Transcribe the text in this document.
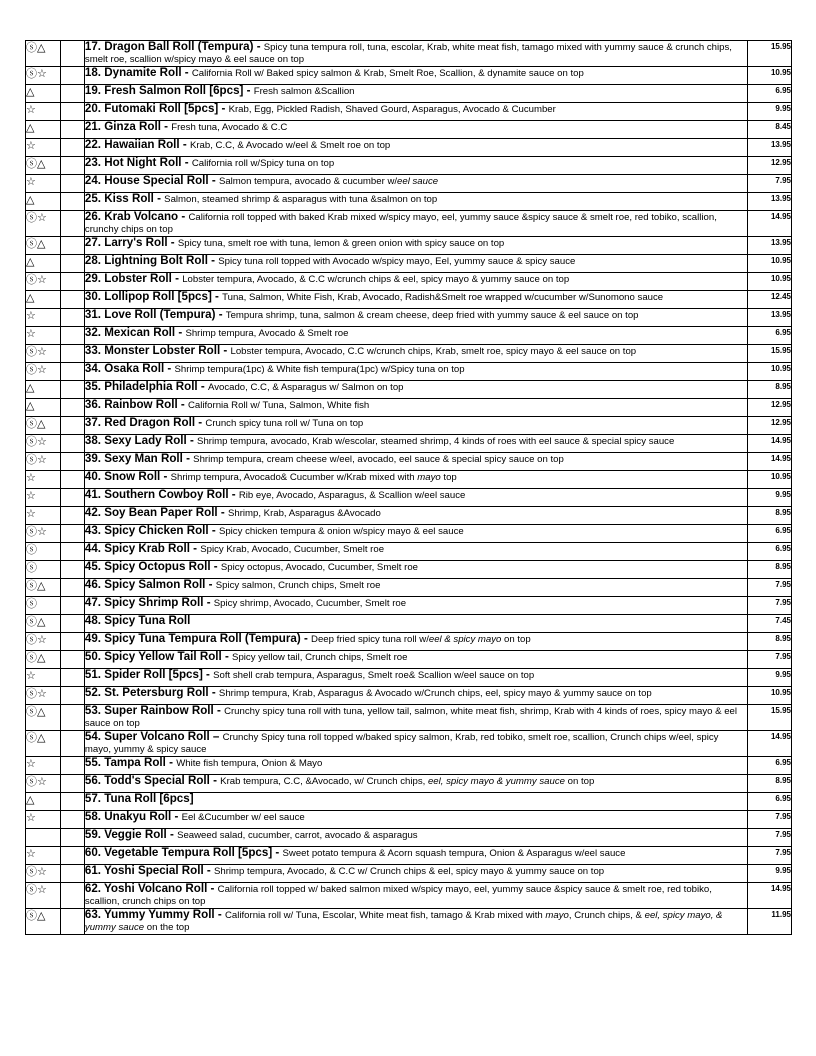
ⓢ△		17. Dragon Ball Roll (Tempura) - Spicy tuna tempura roll, tuna, escolar, Krab, white meat fish, tamago mixed with yummy sauce & crunch chips, smelt roe, scallion w/spicy mayo & eel sauce on top	15.95
ⓢ☆		18. Dynamite Roll - California Roll w/ Baked spicy salmon & Krab, Smelt Roe, Scallion, & dynamite sauce on top	10.95
△		19. Fresh Salmon Roll [6pcs] - Fresh salmon &Scallion	6.95
☆		20. Futomaki Roll [5pcs] - Krab, Egg, Pickled Radish, Shaved Gourd, Asparagus, Avocado & Cucumber	9.95
△		21. Ginza Roll - Fresh tuna, Avocado & C.C	8.45
☆		22. Hawaiian Roll - Krab, C.C, & Avocado w/eel & Smelt roe on top	13.95
ⓢ△		23. Hot Night Roll - California roll w/Spicy tuna on top	12.95
☆		24. House Special Roll - Salmon tempura, avocado & cucumber w/eel sauce	7.95
△		25. Kiss Roll - Salmon, steamed shrimp & asparagus with tuna &salmon on top	13.95
ⓢ☆		26. Krab Volcano - California roll topped with baked Krab mixed w/spicy mayo, eel, yummy sauce &spicy sauce & smelt roe, red tobiko, scallion, crunchy chips on top	14.95
ⓢ△		27. Larry's Roll - Spicy tuna, smelt roe with tuna, lemon & green onion with spicy sauce on top	13.95
△		28. Lightning Bolt Roll - Spicy tuna roll topped with Avocado w/spicy mayo, Eel, yummy sauce & spicy sauce	10.95
ⓢ☆		29. Lobster Roll - Lobster tempura, Avocado, & C.C w/crunch chips & eel, spicy mayo & yummy sauce on top	10.95
△		30. Lollipop Roll [5pcs] - Tuna, Salmon, White Fish, Krab, Avocado, Radish&Smelt roe wrapped w/cucumber w/Sunomono sauce	12.45
☆		31. Love Roll (Tempura) - Tempura shrimp, tuna, salmon & cream cheese, deep fried with yummy sauce & eel sauce on top	13.95
☆		32. Mexican Roll - Shrimp tempura, Avocado & Smelt roe	6.95
ⓢ☆		33. Monster Lobster Roll - Lobster tempura, Avocado, C.C w/crunch chips, Krab, smelt roe, spicy mayo & eel sauce on top	15.95
ⓢ☆		34. Osaka Roll - Shrimp tempura(1pc) & White fish tempura(1pc) w/Spicy tuna on top	10.95
△		35. Philadelphia Roll - Avocado, C.C, & Asparagus w/ Salmon on top	8.95
△		36. Rainbow Roll - California Roll w/ Tuna, Salmon, White fish	12.95
ⓢ△		37. Red Dragon Roll - Crunch spicy tuna roll w/ Tuna on top	12.95
ⓢ☆		38. Sexy Lady Roll - Shrimp tempura, avocado, Krab w/escolar, steamed shrimp, 4 kinds of roes with eel sauce & special spicy sauce	14.95
ⓢ☆		39. Sexy Man Roll - Shrimp tempura, cream cheese w/eel, avocado, eel sauce & special spicy sauce on top	14.95
☆		40. Snow Roll - Shrimp tempura, Avocado& Cucumber w/Krab mixed with mayo top	10.95
☆		41. Southern Cowboy Roll - Rib eye, Avocado, Asparagus, & Scallion w/eel sauce	9.95
☆		42. Soy Bean Paper Roll - Shrimp, Krab, Asparagus &Avocado	8.95
ⓢ☆		43. Spicy Chicken Roll - Spicy chicken tempura & onion w/spicy mayo & eel sauce	6.95
ⓢ		44. Spicy Krab Roll - Spicy Krab, Avocado, Cucumber, Smelt roe	6.95
ⓢ		45. Spicy Octopus Roll - Spicy octopus, Avocado, Cucumber, Smelt roe	8.95
ⓢ△		46. Spicy Salmon Roll - Spicy salmon, Crunch chips, Smelt roe	7.95
ⓢ		47. Spicy Shrimp Roll - Spicy shrimp, Avocado, Cucumber, Smelt roe	7.95
ⓢ△		48. Spicy Tuna Roll	7.45
ⓢ☆		49. Spicy Tuna Tempura Roll (Tempura) - Deep fried spicy tuna roll w/eel & spicy mayo on top	8.95
ⓢ△		50. Spicy Yellow Tail Roll - Spicy yellow tail, Crunch chips, Smelt roe	7.95
☆		51. Spider Roll [5pcs] - Soft shell crab tempura, Asparagus, Smelt roe& Scallion w/eel sauce on top	9.95
ⓢ☆		52. St. Petersburg Roll - Shrimp tempura, Krab, Asparagus & Avocado w/Crunch chips, eel, spicy mayo & yummy sauce on top	10.95
ⓢ△		53. Super Rainbow Roll - Crunchy spicy tuna roll with tuna, yellow tail, salmon, white meat fish, shrimp, Krab with 4 kinds of roes, spicy mayo & eel sauce on top	15.95
ⓢ△		54. Super Volcano Roll – Crunchy Spicy tuna roll topped w/baked spicy salmon, Krab, red tobiko, smelt roe, scallion, Crunch chips w/eel, spicy mayo, yummy & spicy sauce	14.95
☆		55. Tampa Roll - White fish tempura, Onion & Mayo	6.95
ⓢ☆		56. Todd's Special Roll - Krab tempura, C.C, &Avocado, w/ Crunch chips, eel, spicy mayo & yummy sauce on top	8.95
△		57. Tuna Roll [6pcs]	6.95
☆		58. Unakyu Roll - Eel &Cucumber w/ eel sauce	7.95
		59. Veggie Roll - Seaweed salad, cucumber, carrot, avocado & asparagus	7.95
☆		60. Vegetable Tempura Roll [5pcs] - Sweet potato tempura & Acorn squash tempura, Onion & Asparagus w/eel sauce	7.95
ⓢ☆		61. Yoshi Special Roll - Shrimp tempura, Avocado, & C.C w/ Crunch chips & eel, spicy mayo & yummy sauce on top	9.95
ⓢ☆		62. Yoshi Volcano Roll - California roll topped w/ baked salmon mixed w/spicy mayo, eel, yummy sauce &spicy sauce & smelt roe, red tobiko, scallion, crunch chips on top	14.95
ⓢ△		63. Yummy Yummy Roll - California roll w/ Tuna, Escolar, White meat fish, tamago & Krab mixed with mayo, Crunch chips, & eel, spicy mayo, & yummy sauce on the top	11.95
